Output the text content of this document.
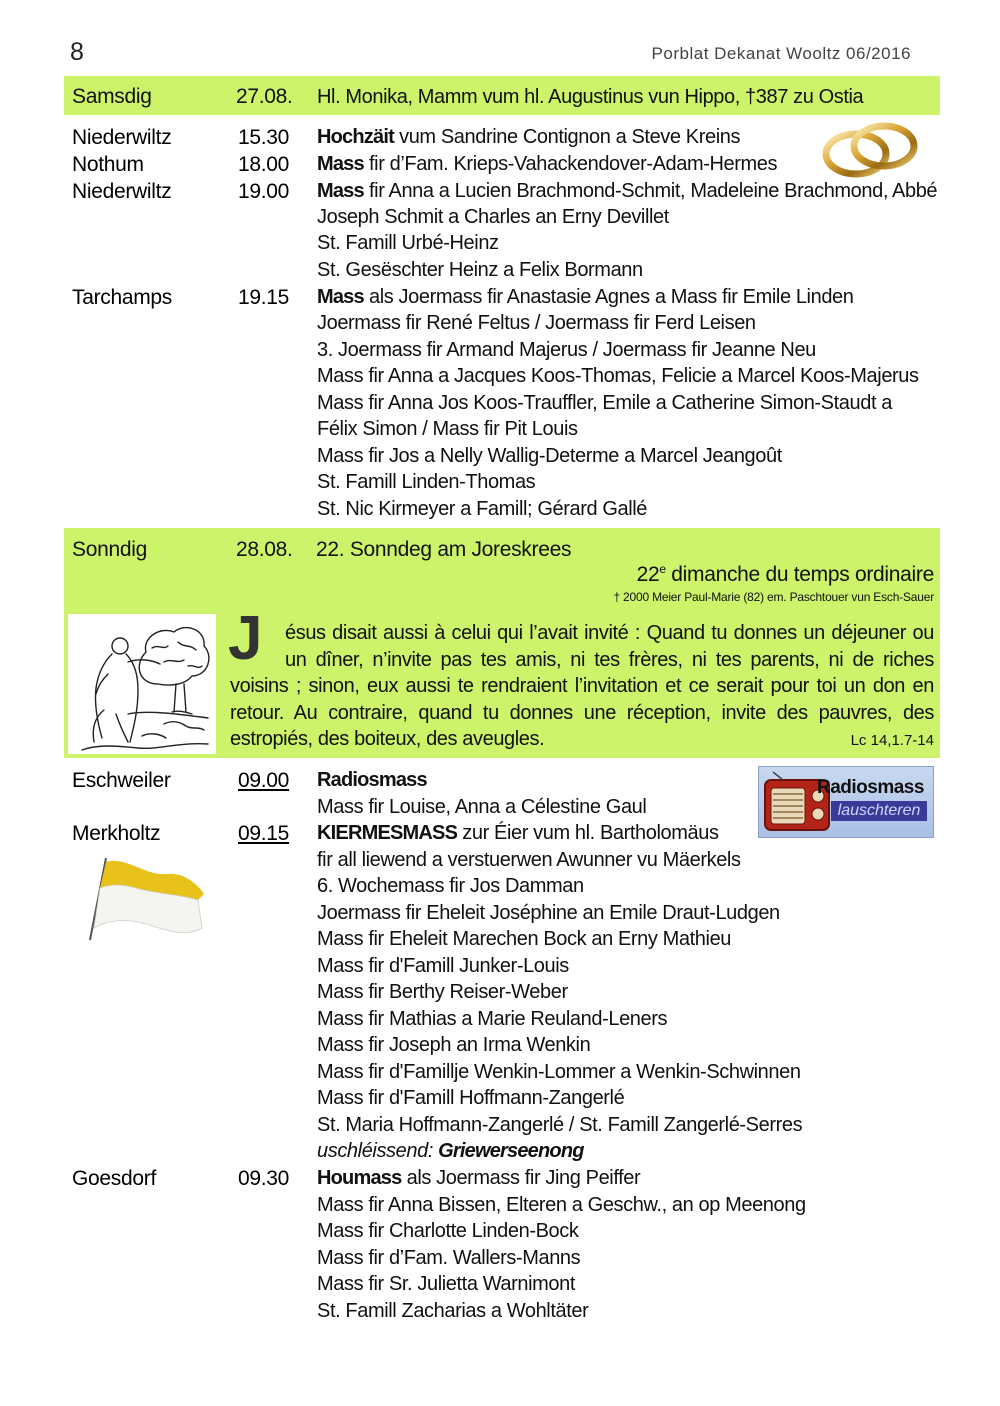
8	Porblat Dekanat Wooltz 06/2016
Samsdig	27.08. Hl. Monika, Mamm vum hl. Augustinus vun Hippo, †387 zu Ostia
Niederwiltz	15.30 Hochzäit vum Sandrine Contignon a Steve Kreins
Nothum	18.00 Mass fir d’Fam. Krieps-Vahackendover-Adam-Hermes
Niederwiltz	19.00 Mass fir Anna a Lucien Brachmond-Schmit, Madeleine Brachmond, Abbé
Joseph Schmit a Charles an Erny Devillet
St. Famill Urbé-Heinz
St. Gesëschter Heinz a Felix Bormann
Tarchamps	19.15 Mass als Joermass fir Anastasie Agnes a Mass fir Emile Linden
Joermass fir René Feltus / Joermass fir Ferd Leisen
3. Joermass fir Armand Majerus / Joermass fir Jeanne Neu
Mass fir Anna a Jacques Koos-Thomas, Felicie a Marcel Koos-Majerus
Mass fir Anna Jos Koos-Trauffler, Emile a Catherine Simon-Staudt a
Félix Simon / Mass fir Pit Louis
Mass fir Jos a Nelly Wallig-Determe a Marcel Jeangoût
St. Famill Linden-Thomas
St. Nic Kirmeyer a Famill; Gérard Gallé
Sonndig	28.08. 22. Sonndeg am Joreskrees
22e dimanche du temps ordinaire
† 2000 Meier Paul-Marie (82) em. Paschtouer vun Esch-Sauer
J	ésus disait aussi à celui qui l’avait invité : Quand tu donnes un déjeuner ou
un dîner, n’invite pas tes amis, ni tes frères, ni tes parents, ni de riches
voisins ; sinon, eux aussi te rendraient l’invitation et ce serait pour toi un don en retour. Au contraire, quand tu donnes une réception, invite des pauvres, des estropiés, des boiteux, des aveugles.	Lc 14,1.7-14
Radiosmass
lauschteren
Eschweiler	09.00 Radiosmass
Mass fir Louise, Anna a Célestine Gaul
Merkholtz	09.15 KIERMESMASS zur Éier vum hl. Bartholomäus
fir all liewend a verstuerwen Awunner vu Mäerkels
6. Wochemass fir Jos Damman
Joermass fir Eheleit Joséphine an Emile Draut-Ludgen
Mass fir Eheleit Marechen Bock an Erny Mathieu
Mass fir d'Famill Junker-Louis
Mass fir Berthy Reiser-Weber
Mass fir Mathias a Marie Reuland-Leners
Mass fir Joseph an Irma Wenkin
Mass fir d'Famillje Wenkin-Lommer a Wenkin-Schwinnen
Mass fir d'Famill Hoffmann-Zangerlé
St. Maria Hoffmann-Zangerlé / St. Famill Zangerlé-Serres
uschléissend: Griewerseenong
Goesdorf	09.30 Houmass als Joermass fir Jing Peiffer
Mass fir Anna Bissen, Elteren a Geschw., an op Meenong
Mass fir Charlotte Linden-Bock
Mass fir d’Fam. Wallers-Manns
Mass fir Sr. Julietta Warnimont
St. Famill Zacharias a Wohltäter
